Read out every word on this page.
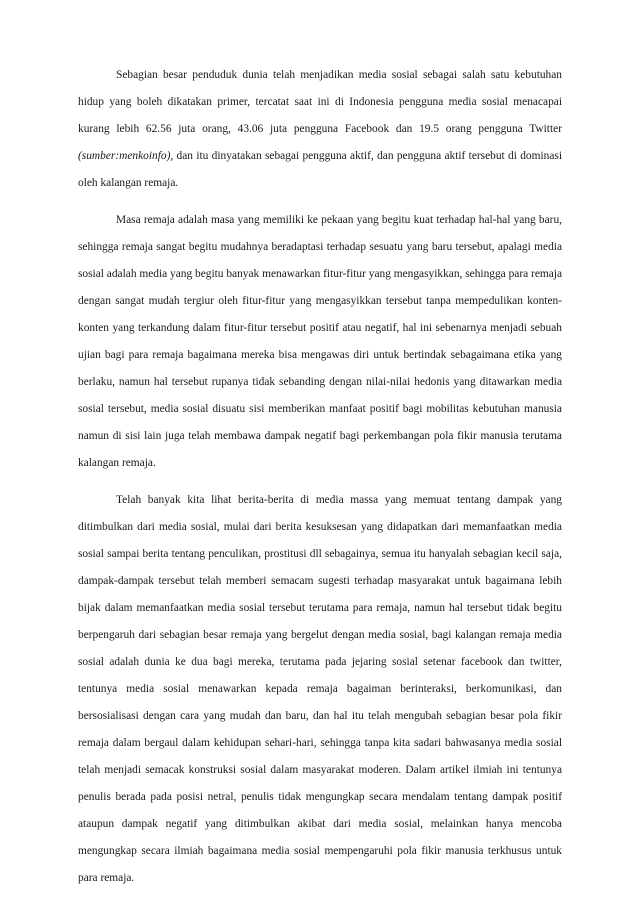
Sebagian besar penduduk dunia telah menjadikan media sosial sebagai salah satu kebutuhan hidup yang boleh dikatakan primer, tercatat saat ini di Indonesia pengguna media sosial menacapai kurang lebih 62.56 juta orang, 43.06 juta pengguna Facebook dan 19.5 orang pengguna Twitter (sumber:menkoinfo), dan itu dinyatakan sebagai pengguna aktif, dan pengguna aktif tersebut di dominasi oleh kalangan remaja.

Masa remaja adalah masa yang memiliki ke pekaan yang begitu kuat terhadap hal-hal yang baru, sehingga remaja sangat begitu mudahnya beradaptasi terhadap sesuatu yang baru tersebut, apalagi media sosial adalah media yang begitu banyak menawarkan fitur-fitur yang mengasyikkan, sehingga para remaja dengan sangat mudah tergiur oleh fitur-fitur yang mengasyikkan tersebut tanpa mempedulikan konten-konten yang terkandung dalam fitur-fitur tersebut positif atau negatif, hal ini sebenarnya menjadi sebuah ujian bagi para remaja bagaimana mereka bisa mengawas diri untuk bertindak sebagaimana etika yang berlaku, namun hal tersebut rupanya tidak sebanding dengan nilai-nilai hedonis yang ditawarkan media sosial tersebut, media sosial disuatu sisi memberikan manfaat positif bagi mobilitas kebutuhan manusia namun di sisi lain juga telah membawa dampak negatif bagi perkembangan pola fikir manusia terutama kalangan remaja.

Telah banyak kita lihat berita-berita di media massa yang memuat tentang dampak yang ditimbulkan dari media sosial, mulai dari berita kesuksesan yang didapatkan dari memanfaatkan media sosial sampai berita tentang penculikan, prostitusi dll sebagainya, semua itu hanyalah sebagian kecil saja, dampak-dampak tersebut telah memberi semacam sugesti terhadap masyarakat untuk bagaimana lebih bijak dalam memanfaatkan media sosial tersebut terutama para remaja, namun hal tersebut tidak begitu berpengaruh dari sebagian besar remaja yang bergelut dengan media sosial, bagi kalangan remaja media sosial adalah dunia ke dua bagi mereka, terutama pada jejaring sosial setenar facebook dan twitter, tentunya media sosial menawarkan kepada remaja bagaiman berinteraksi, berkomunikasi, dan bersosialisasi dengan cara yang mudah dan baru, dan hal itu telah mengubah sebagian besar pola fikir remaja dalam bergaul dalam kehidupan sehari-hari, sehingga tanpa kita sadari bahwasanya media sosial telah menjadi semacak konstruksi sosial dalam masyarakat moderen. Dalam artikel ilmiah ini tentunya penulis berada pada posisi netral, penulis tidak mengungkap secara mendalam tentang dampak positif ataupun dampak negatif yang ditimbulkan akibat dari media sosial, melainkan hanya mencoba mengungkap secara ilmiah bagaimana media sosial mempengaruhi pola fikir manusia terkhusus untuk para remaja.
